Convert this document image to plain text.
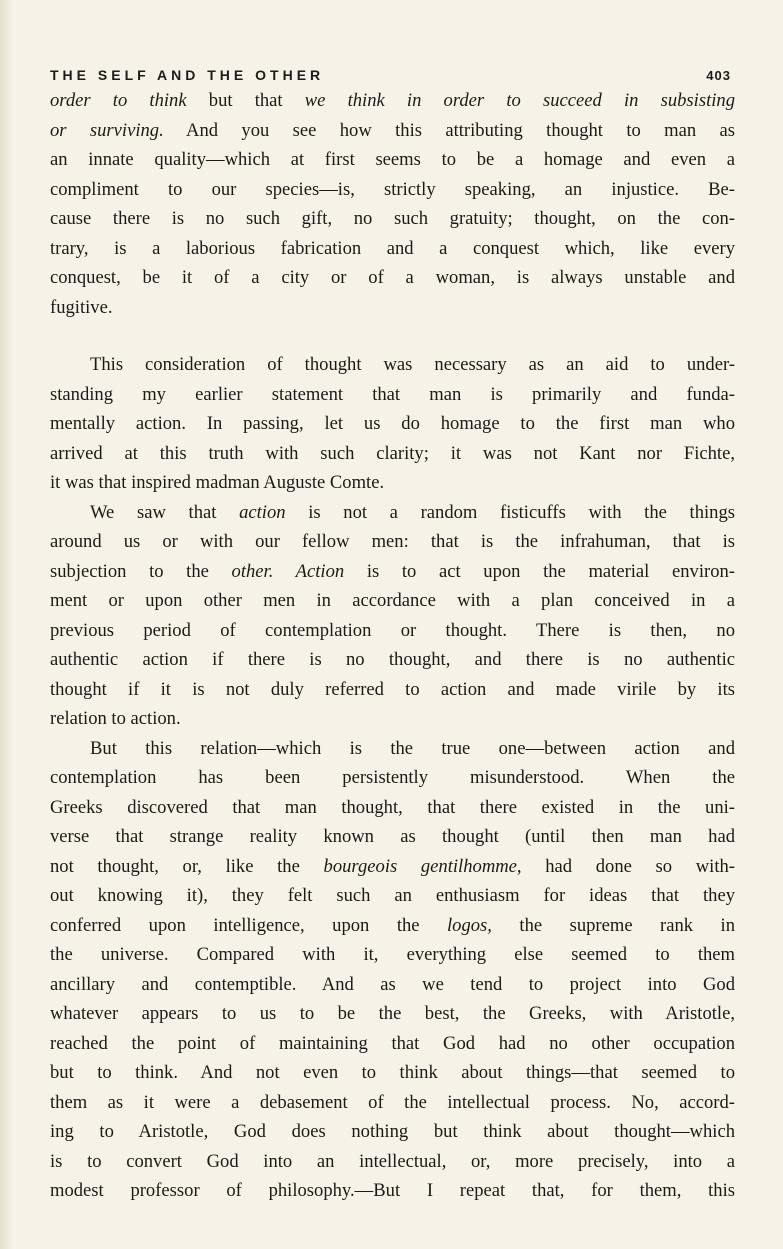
THE SELF AND THE OTHER	403
order to think but that we think in order to succeed in subsisting
or surviving. And you see how this attributing thought to man as
an innate quality—which at first seems to be a homage and even a
compliment to our species—is, strictly speaking, an injustice. Be-
cause there is no such gift, no such gratuity; thought, on the con-
trary, is a laborious fabrication and a conquest which, like every
conquest, be it of a city or of a woman, is always unstable and
fugitive.
This consideration of thought was necessary as an aid to under-
standing my earlier statement that man is primarily and funda-
mentally action. In passing, let us do homage to the first man who
arrived at this truth with such clarity; it was not Kant nor Fichte,
it was that inspired madman Auguste Comte.
We saw that action is not a random fisticuffs with the things
around us or with our fellow men: that is the infrahuman, that is
subjection to the other. Action is to act upon the material environ-
ment or upon other men in accordance with a plan conceived in a
previous period of contemplation or thought. There is then, no
authentic action if there is no thought, and there is no authentic
thought if it is not duly referred to action and made virile by its
relation to action.
But this relation—which is the true one—between action and
contemplation has been persistently misunderstood. When the
Greeks discovered that man thought, that there existed in the uni-
verse that strange reality known as thought (until then man had
not thought, or, like the bourgeois gentilhomme, had done so with-
out knowing it), they felt such an enthusiasm for ideas that they
conferred upon intelligence, upon the logos, the supreme rank in
the universe. Compared with it, everything else seemed to them
ancillary and contemptible. And as we tend to project into God
whatever appears to us to be the best, the Greeks, with Aristotle,
reached the point of maintaining that God had no other occupation
but to think. And not even to think about things—that seemed to
them as it were a debasement of the intellectual process. No, accord-
ing to Aristotle, God does nothing but think about thought—which
is to convert God into an intellectual, or, more precisely, into a
modest professor of philosophy.—But I repeat that, for them, this
